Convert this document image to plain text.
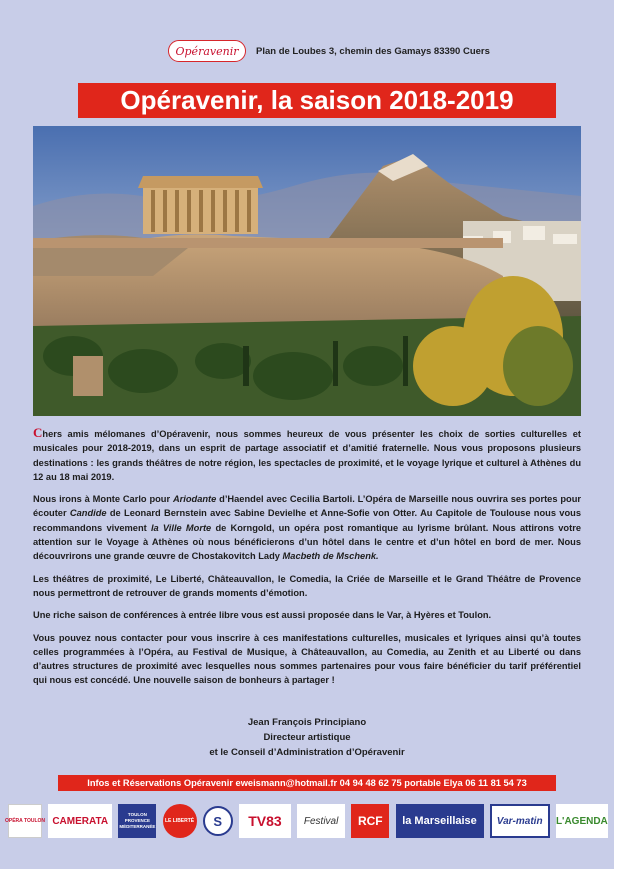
Opéravenir	Plan de Loubes 3, chemin des Gamays 83390 Cuers
Opéravenir, la saison 2018-2019

Chers amis mélomanes d’Opéravenir, nous sommes heureux de vous présenter les choix de sorties culturelles et musicales pour 2018-2019, dans un esprit de partage associatif et d’amitié fraternelle. Nous vous proposons plusieurs destinations : les grands théâtres de notre région, les spectacles de proximité, et le voyage lyrique et culturel à Athènes du 12 au 18 mai 2019.

Nous irons à Monte Carlo pour Ariodante d’Haendel avec Cecilia Bartoli. L’Opéra de Marseille nous ouvrira ses portes pour écouter Candide de Leonard Bernstein avec Sabine Devielhe et Anne-Sofie von Otter. Au Capitole de Toulouse nous vous recommandons vivement la Ville Morte de Korngold, un opéra post romantique au lyrisme brûlant. Nous attirons votre attention sur le Voyage à Athènes où nous bénéficierons d’un hôtel dans le centre et d’un hôtel en bord de mer. Nous découvrirons une grande œuvre de Chostakovitch Lady Macbeth de Mschenk.

Les théâtres de proximité, Le Liberté, Châteauvallon, le Comedia, la Criée de Marseille et le Grand Théâtre de Provence nous permettront de retrouver de grands moments d’émotion.

Une riche saison de conférences à entrée libre vous est aussi proposée dans le Var, à Hyères et Toulon.

Vous pouvez nous contacter pour vous inscrire à ces manifestations culturelles, musicales et lyriques ainsi qu’à toutes celles programmées à l’Opéra, au Festival de Musique, à Châteauvallon, au Comedia, au Zenith et au Liberté ou dans d’autres structures de proximité avec lesquelles nous sommes partenaires pour vous faire bénéficier du tarif préférentiel qui nous est concédé. Une nouvelle saison de bonheurs à partager !

Jean François Principiano
Directeur artistique
et le Conseil d’Administration d’Opéravenir
Infos et Réservations Opéravenir eweismann@hotmail.fr 04 94 48 62 75 portable Elya 06 11 81 54 73
OPÉRA TOULON CAMERATA
TOULON PROVENCE MÉDITERRANÉE
LE LIBERTÉ S TV83 Festival RCF la Marseillaise Var-matin L'AGENDA
